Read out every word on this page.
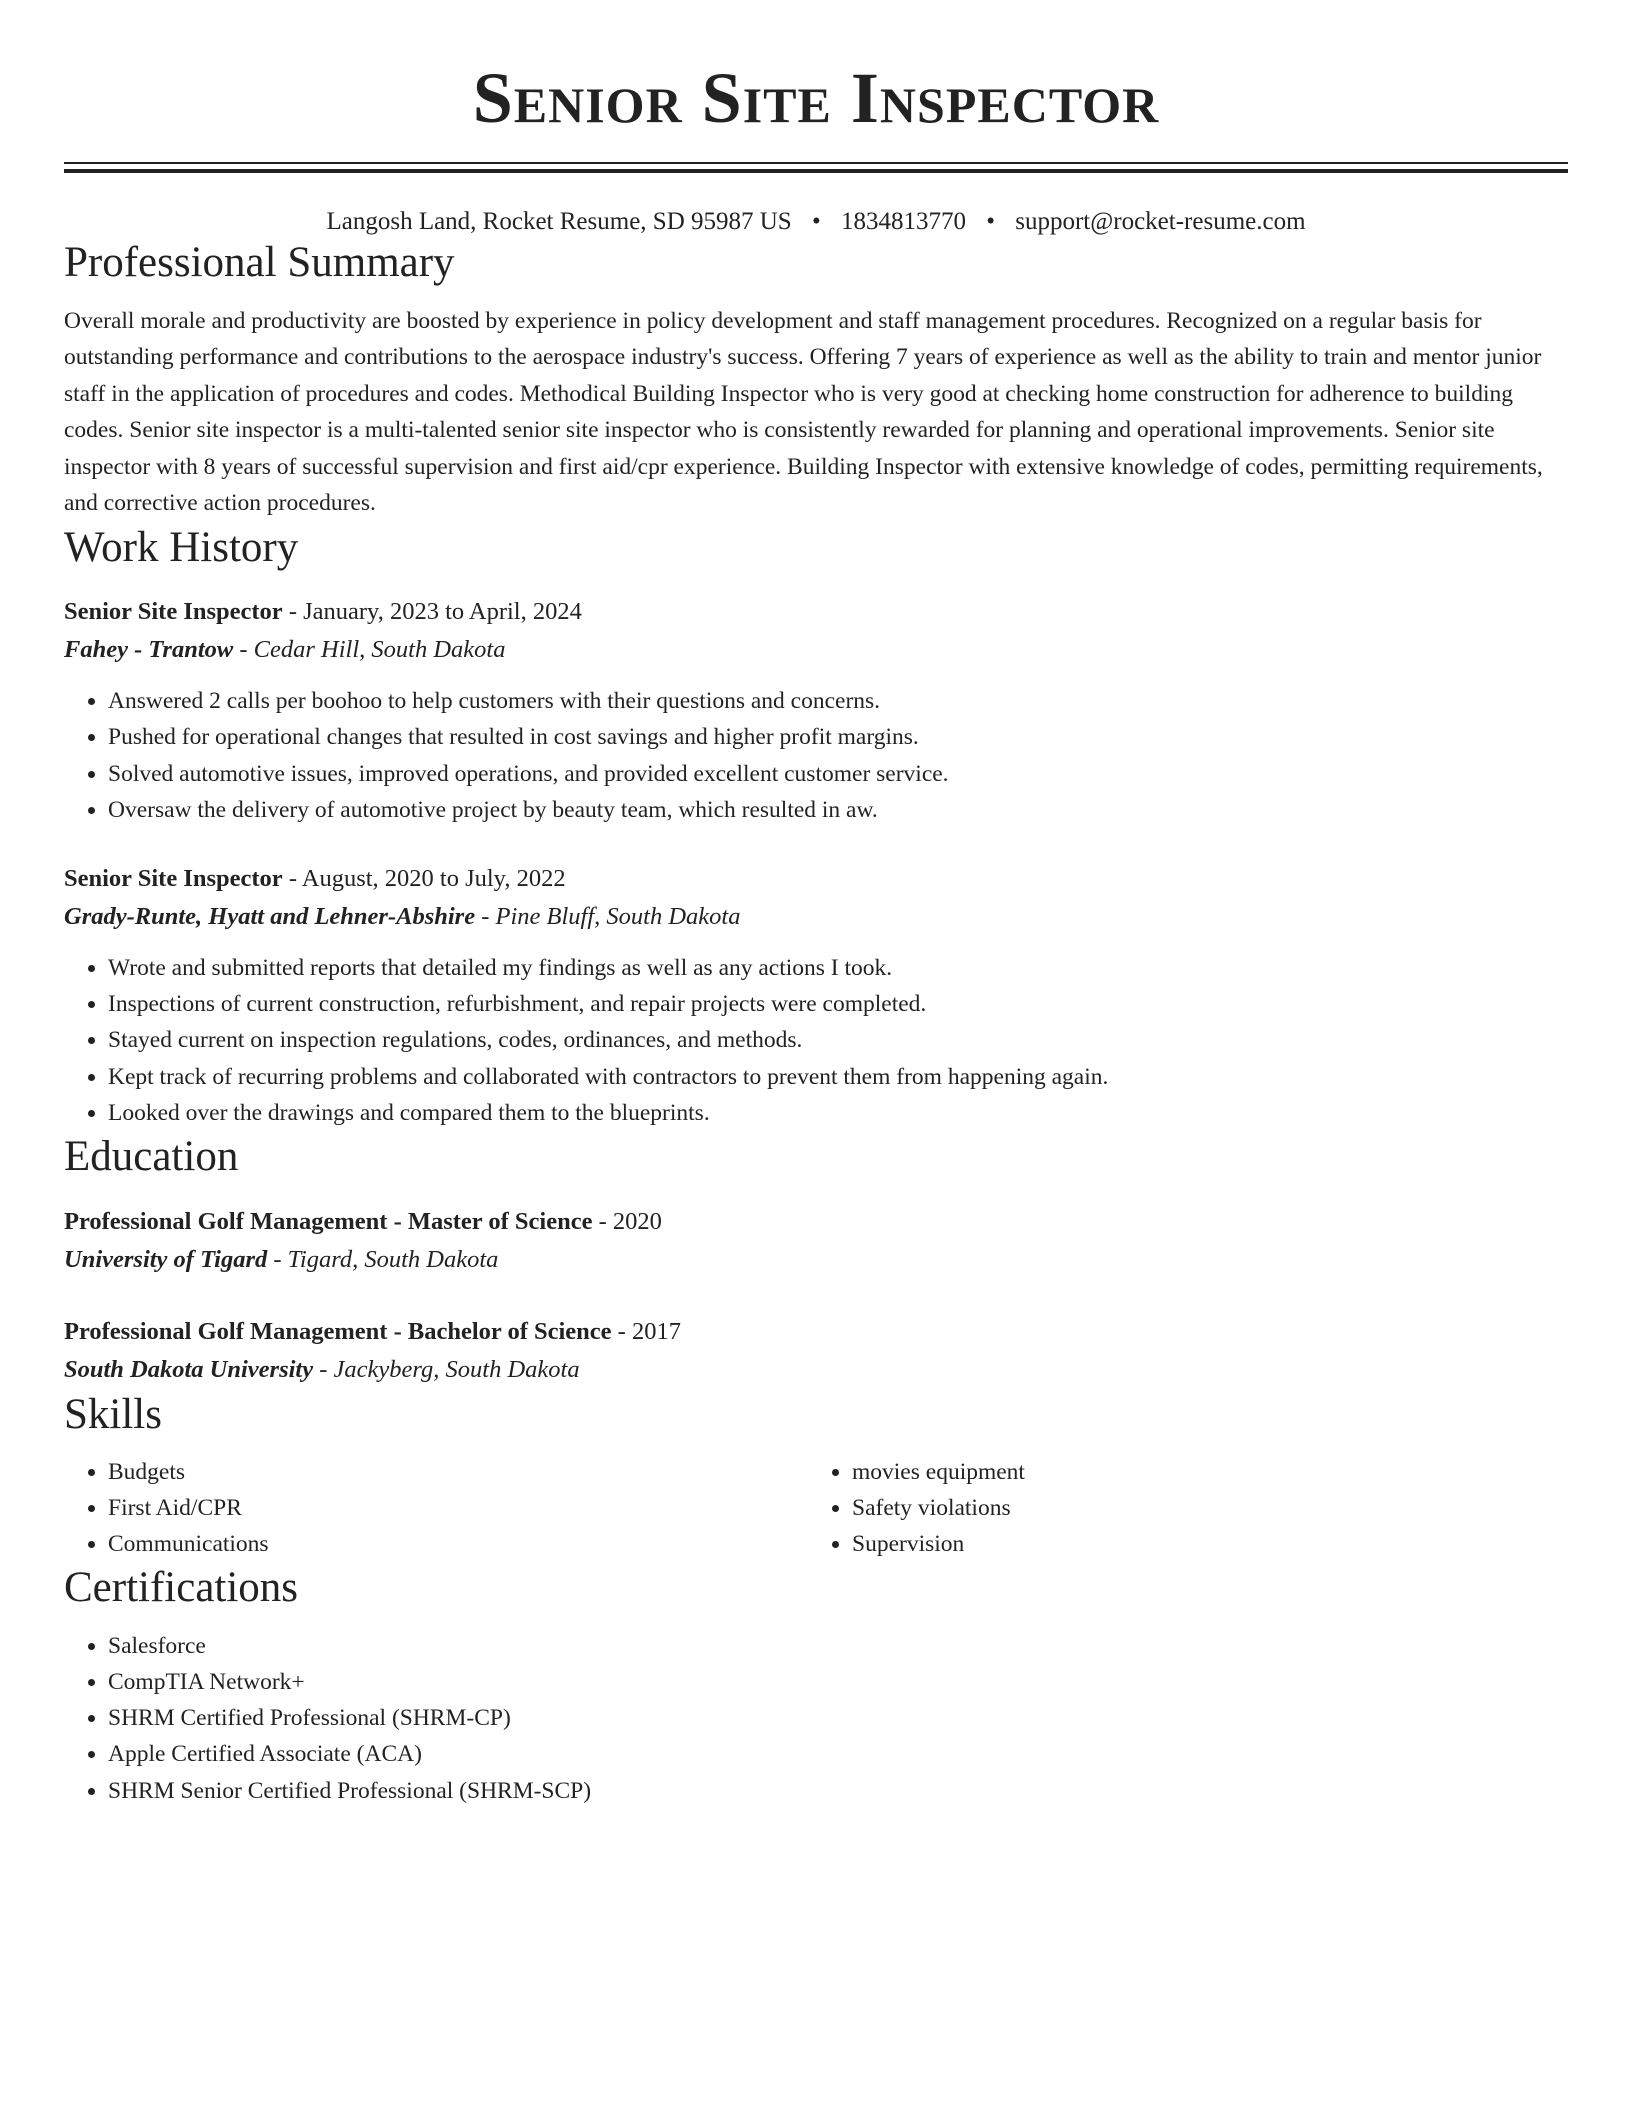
Senior Site Inspector
Langosh Land, Rocket Resume, SD 95987 US • 1834813770 • support@rocket-resume.com
Professional Summary

Overall morale and productivity are boosted by experience in policy development and staff management procedures. Recognized on a regular basis for outstanding performance and contributions to the aerospace industry's success. Offering 7 years of experience as well as the ability to train and mentor junior staff in the application of procedures and codes. Methodical Building Inspector who is very good at checking home construction for adherence to building codes. Senior site inspector is a multi-talented senior site inspector who is consistently rewarded for planning and operational improvements. Senior site inspector with 8 years of successful supervision and first aid/cpr experience. Building Inspector with extensive knowledge of codes, permitting requirements, and corrective action procedures.

Work History
Senior Site Inspector - January, 2023 to April, 2024
Fahey - Trantow - Cedar Hill, South Dakota
• Answered 2 calls per boohoo to help customers with their questions and concerns.
• Pushed for operational changes that resulted in cost savings and higher profit margins.
• Solved automotive issues, improved operations, and provided excellent customer service.
• Oversaw the delivery of automotive project by beauty team, which resulted in aw.
Senior Site Inspector - August, 2020 to July, 2022
Grady-Runte, Hyatt and Lehner-Abshire - Pine Bluff, South Dakota
• Wrote and submitted reports that detailed my findings as well as any actions I took.
• Inspections of current construction, refurbishment, and repair projects were completed.
• Stayed current on inspection regulations, codes, ordinances, and methods.
• Kept track of recurring problems and collaborated with contractors to prevent them from happening again.
• Looked over the drawings and compared them to the blueprints.
Education
Professional Golf Management - Master of Science - 2020
University of Tigard - Tigard, South Dakota
Professional Golf Management - Bachelor of Science - 2017
South Dakota University - Jackyberg, South Dakota
Skills
• Budgets
• First Aid/CPR
• Communications
• movies equipment
• Safety violations
• Supervision
Certifications
• Salesforce
• CompTIA Network+
• SHRM Certified Professional (SHRM-CP)
• Apple Certified Associate (ACA)
• SHRM Senior Certified Professional (SHRM-SCP)
